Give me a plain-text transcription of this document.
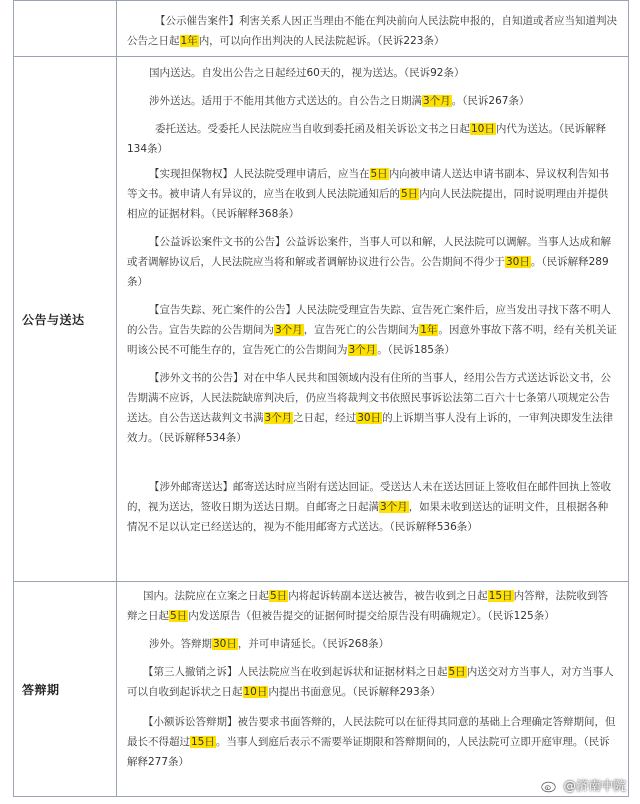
【公示催告案件】利害关系人因正当理由不能在判决前向人民法院申报的，自知道或者应当知道判决公告之日起1年内，可以向作出判决的人民法院起诉。（民诉223条）

公告与送达

国内送达。自发出公告之日起经过60天的，视为送达。（民诉92条）

涉外送达。适用于不能用其他方式送达的。自公告之日期满3个月。（民诉267条）

委托送达。受委托人民法院应当自收到委托函及相关诉讼文书之日起10日内代为送达。（民诉解释134条）

【实现担保物权】人民法院受理申请后，应当在5日内向被申请人送达申请书副本、异议权利告知书等文书。被申请人有异议的，应当在收到人民法院通知后的5日内向人民法院提出，同时说明理由并提供相应的证据材料。（民诉解释368条）

【公益诉讼案件文书的公告】公益诉讼案件，当事人可以和解，人民法院可以调解。当事人达成和解或者调解协议后，人民法院应当将和解或者调解协议进行公告。公告期间不得少于30日。（民诉解释289条）

【宣告失踪、死亡案件的公告】人民法院受理宣告失踪、宣告死亡案件后，应当发出寻找下落不明人的公告。宣告失踪的公告期间为3个月，宣告死亡的公告期间为1年。因意外事故下落不明，经有关机关证明该公民不可能生存的，宣告死亡的公告期间为3个月。（民诉185条）

【涉外文书的公告】对在中华人民共和国领域内没有住所的当事人，经用公告方式送达诉讼文书，公告期满不应诉，人民法院缺席判决后，仍应当将裁判文书依照民事诉讼法第二百六十七条第八项规定公告送达。自公告送达裁判文书满3个月之日起，经过30日的上诉期当事人没有上诉的，一审判决即发生法律效力。（民诉解释534条）

【涉外邮寄送达】邮寄送达时应当附有送达回证。受送达人未在送达回证上签收但在邮件回执上签收的，视为送达，签收日期为送达日期。自邮寄之日起满3个月，如果未收到送达的证明文件，且根据各种情况不足以认定已经送达的，视为不能用邮寄方式送达。（民诉解释536条）

答辩期

国内。法院应在立案之日起5日内将起诉转副本送达被告，被告收到之日起15日内答辩，法院收到答辩之日起5日内发送原告（但被告提交的证据何时提交给原告没有明确规定）。（民诉125条）

涉外。答辩期30日，并可申请延长。（民诉268条）

【第三人撤销之诉】人民法院应当在收到起诉状和证据材料之日起5日内送交对方当事人，对方当事人可以自收到起诉状之日起10日内提出书面意见。（民诉解释293条）

【小额诉讼答辩期】被告要求书面答辩的，人民法院可以在征得其同意的基础上合理确定答辩期间，但最长不得超过15日。当事人到庭后表示不需要举证期限和答辩期间的，人民法院可立即开庭审理。（民诉解释277条）

@济南中院
